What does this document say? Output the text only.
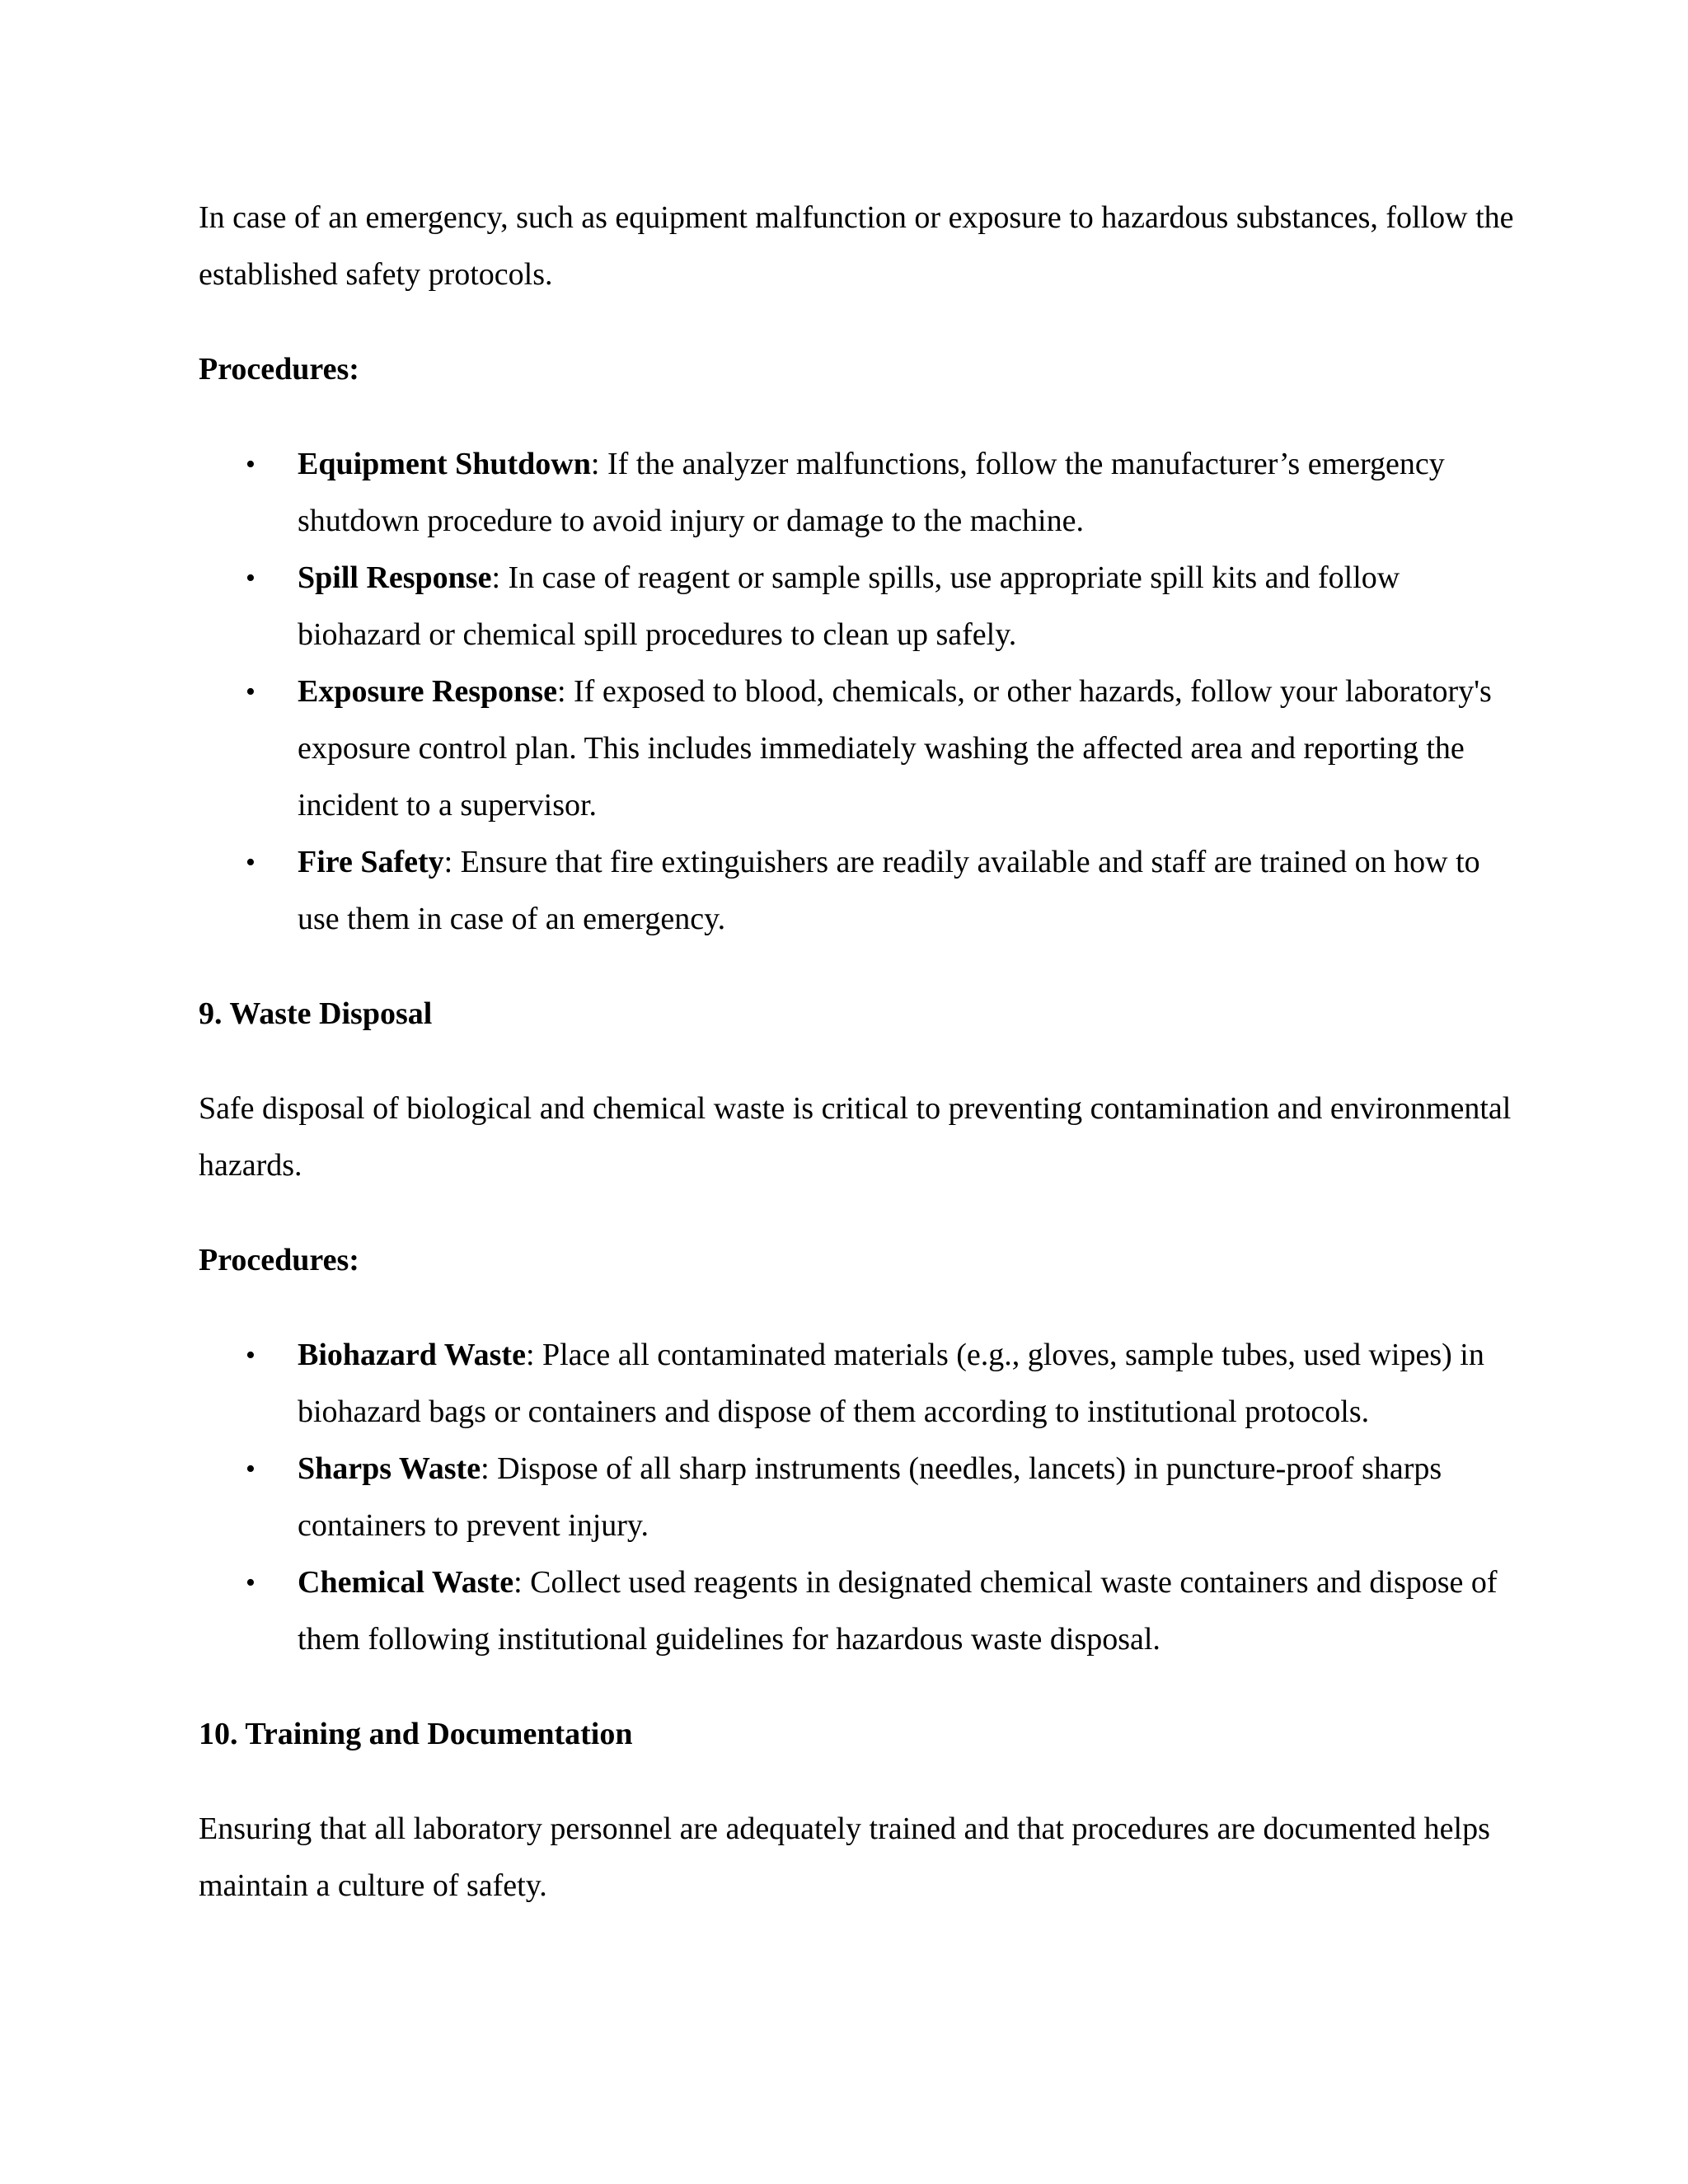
In case of an emergency, such as equipment malfunction or exposure to hazardous substances, follow the established safety protocols.

Procedures:

• Equipment Shutdown: If the analyzer malfunctions, follow the manufacturer’s emergency shutdown procedure to avoid injury or damage to the machine.
• Spill Response: In case of reagent or sample spills, use appropriate spill kits and follow biohazard or chemical spill procedures to clean up safely.
• Exposure Response: If exposed to blood, chemicals, or other hazards, follow your laboratory's exposure control plan. This includes immediately washing the affected area and reporting the incident to a supervisor.
• Fire Safety: Ensure that fire extinguishers are readily available and staff are trained on how to use them in case of an emergency.

9. Waste Disposal

Safe disposal of biological and chemical waste is critical to preventing contamination and environmental hazards.

Procedures:

• Biohazard Waste: Place all contaminated materials (e.g., gloves, sample tubes, used wipes) in biohazard bags or containers and dispose of them according to institutional protocols.
• Sharps Waste: Dispose of all sharp instruments (needles, lancets) in puncture-proof sharps containers to prevent injury.
• Chemical Waste: Collect used reagents in designated chemical waste containers and dispose of them following institutional guidelines for hazardous waste disposal.

10. Training and Documentation

Ensuring that all laboratory personnel are adequately trained and that procedures are documented helps maintain a culture of safety.
